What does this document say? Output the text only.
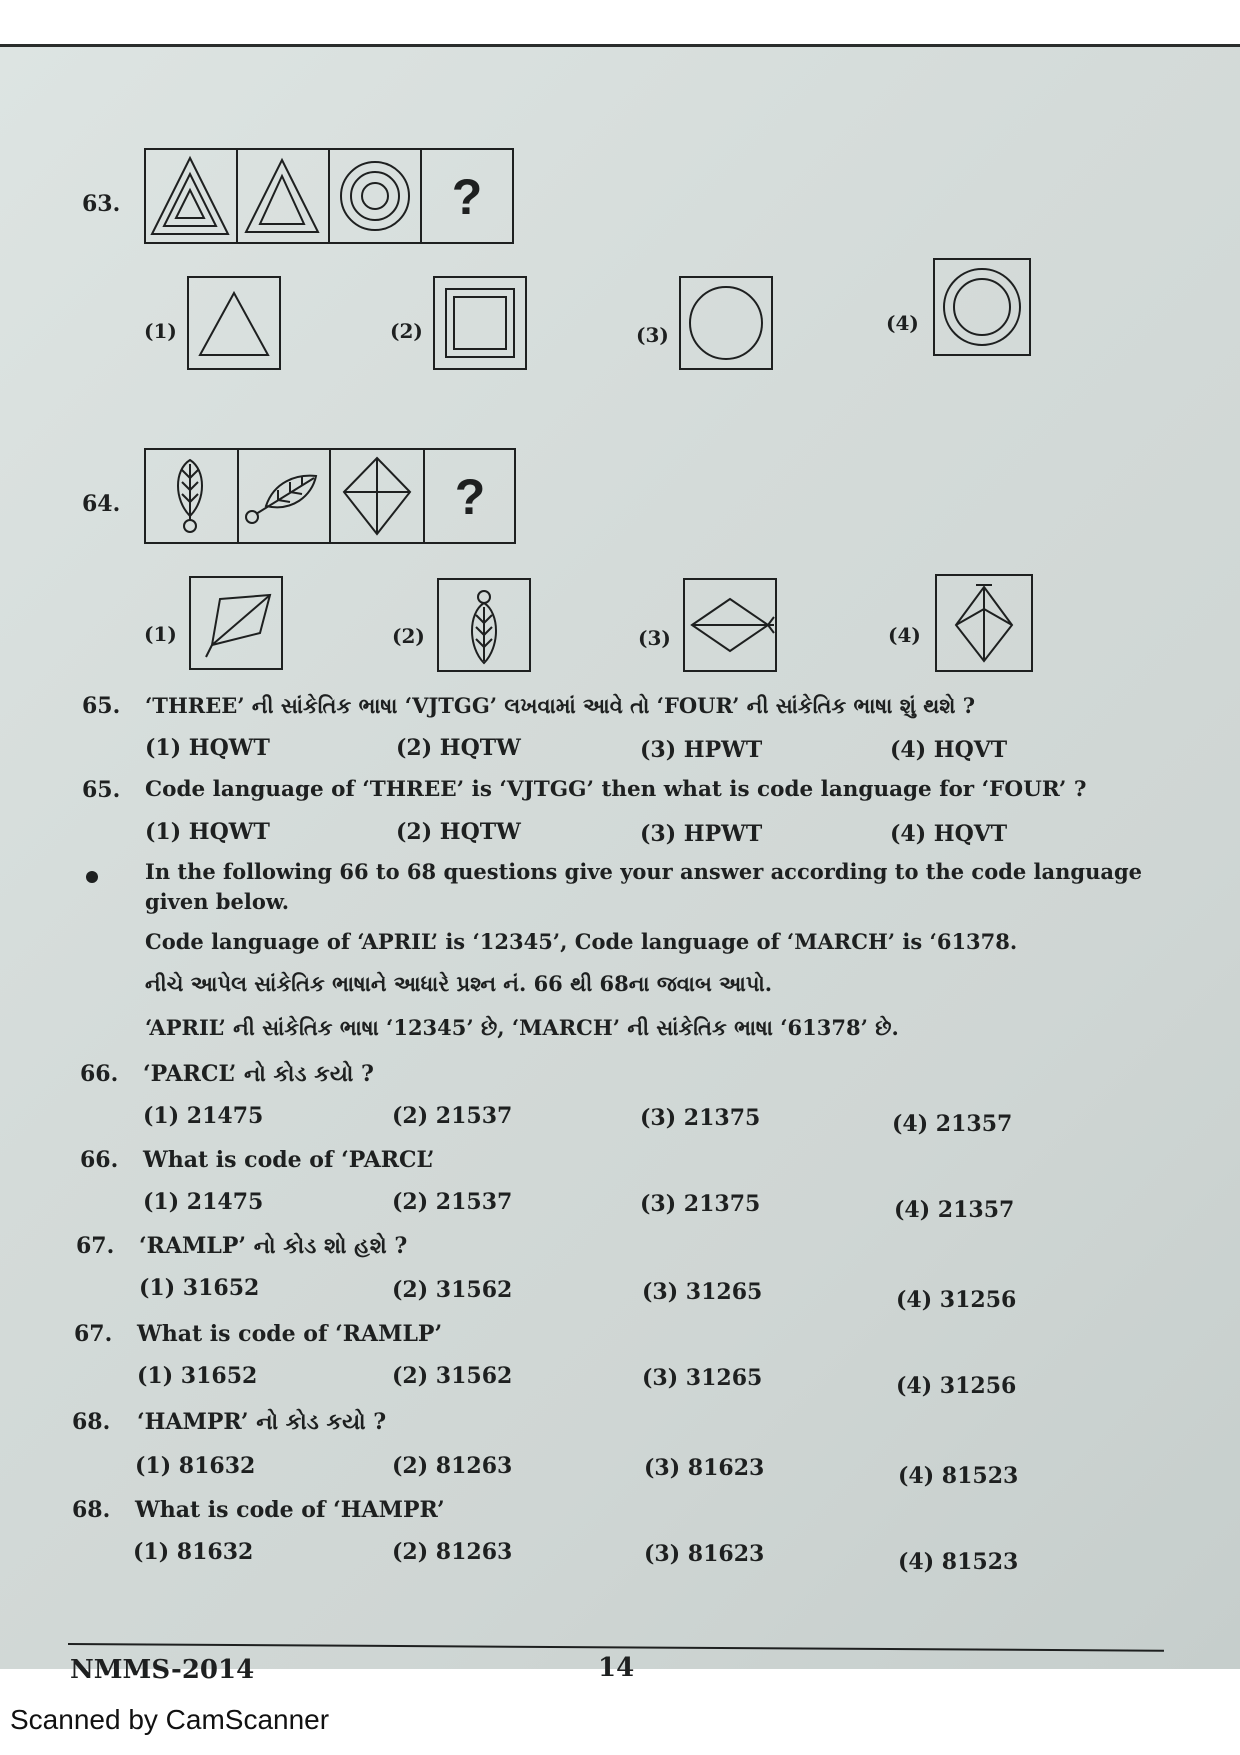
63.	?
(1)	(2)	(3)	(4)
64.	?
(1)	(2)	(3)	(4)
65. ‘THREE’ ની સાંકેતિક ભાષા ‘VJTGG’ લખવામાં આવે તો ‘FOUR’ ની સાંકેતિક ભાષા શું થશે ?
(1) HQWT	(2) HQTW	(3) HPWT	(4) HQVT
65. Code language of ‘THREE’ is ‘VJTGG’ then what is code language for ‘FOUR’ ?
(1) HQWT	(2) HQTW	(3) HPWT	(4) HQVT
In the following 66 to 68 questions give your answer according to the code language
given below.
Code language of ‘APRIL’ is ‘12345’, Code language of ‘MARCH’ is ‘61378.
નીચે આપેલ સાંકેતિક ભાષાને આધારે પ્રશ્ન નં. 66 થી 68ના જવાબ આપો.
‘APRIL’ ની સાંકેતિક ભાષા ‘12345’ છે, ‘MARCH’ ની સાંકેતિક ભાષા ‘61378’ છે.
66. ‘PARCL’ નો કોડ કયો ?
(1) 21475	(2) 21537	(3) 21375	(4) 21357
66. What is code of ‘PARCL’
(1) 21475	(2) 21537	(3) 21375	(4) 21357
67. ‘RAMLP’ નો કોડ શો હશે ?
(1) 31652	(2) 31562	(3) 31265	(4) 31256
67. What is code of ‘RAMLP’
(1) 31652	(2) 31562	(3) 31265	(4) 31256
68. ‘HAMPR’ નો કોડ કયો ?
(1) 81632	(2) 81263	(3) 81623	(4) 81523
68. What is code of ‘HAMPR’
(1) 81632	(2) 81263	(3) 81623	(4) 81523
NMMS-2014	14
Scanned by CamScanner
